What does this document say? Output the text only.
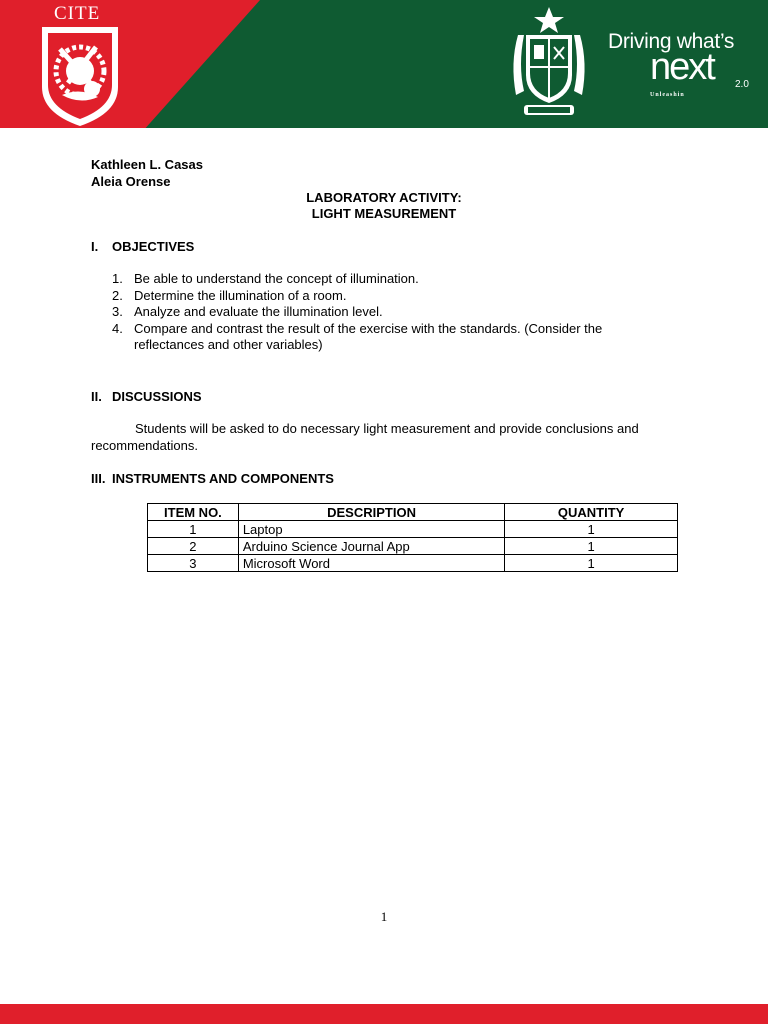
CITE
Driving what’s
next 2.0
Unleashin
Kathleen L. Casas
Aleia Orense
LABORATORY ACTIVITY:
LIGHT MEASUREMENT
I. OBJECTIVES
1. Be able to understand the concept of illumination.
2. Determine the illumination of a room.
3. Analyze and evaluate the illumination level.
4. Compare and contrast the result of the exercise with the standards. (Consider the reflectances and other variables)
II. DISCUSSIONS
Students will be asked to do necessary light measurement and provide conclusions and recommendations.
III. INSTRUMENTS AND COMPONENTS
ITEM NO.	DESCRIPTION	QUANTITY
1	Laptop	1
2	Arduino Science Journal App	1
3	Microsoft Word	1
1
